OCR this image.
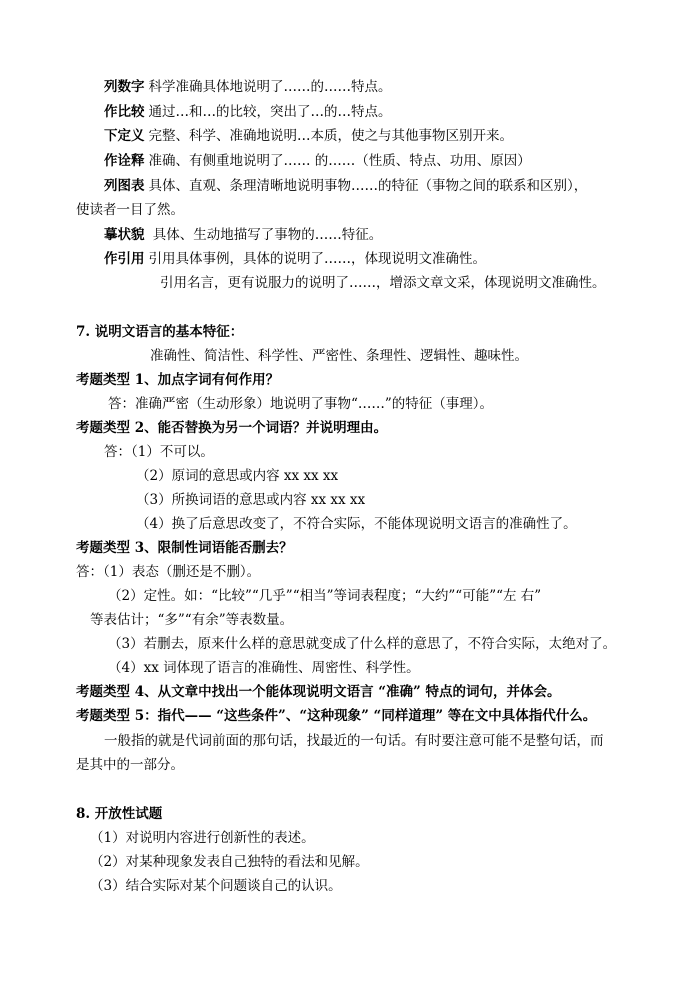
列数字 科学准确具体地说明了……的……特点。
作比较 通过…和…的比较，突出了…的…特点。
下定义 完整、科学、准确地说明…本质，使之与其他事物区别开来。
作诠释 准确、有侧重地说明了…… 的……（性质、特点、功用、原因）
列图表 具体、直观、条理清晰地说明事物……的特征（事物之间的联系和区别），
使读者一目了然。
摹状貌 具体、生动地描写了事物的……特征。
作引用 引用具体事例，具体的说明了……，体现说明文准确性。
引用名言，更有说服力的说明了……，增添文章文采，体现说明文准确性。
7. 说明文语言的基本特征：
准确性、简洁性、科学性、严密性、条理性、逻辑性、趣味性。
考题类型 1、加点字词有何作用？
答：准确严密（生动形象）地说明了事物“……”的特征（事理）。
考题类型 2、能否替换为另一个词语？并说明理由。
答：（1）不可以。
（2）原词的意思或内容 xx xx xx
（3）所换词语的意思或内容 xx xx xx
（4）换了后意思改变了，不符合实际，不能体现说明文语言的准确性了。
考题类型 3、限制性词语能否删去？
答：（1）表态（删还是不删）。
（2）定性。如：“比较”“几乎”“相当”等词表程度；“大约”“可能”“左 右”
等表估计；“多”“有余”等表数量。
（3）若删去，原来什么样的意思就变成了什么样的意思了，不符合实际，太绝对了。
（4）xx 词体现了语言的准确性、周密性、科学性。
考题类型 4、从文章中找出一个能体现说明文语言 “准确” 特点的词句，并体会。
考题类型 5：指代—— “这些条件”、“这种现象” “同样道理” 等在文中具体指代什么。
一般指的就是代词前面的那句话，找最近的一句话。有时要注意可能不是整句话，而
是其中的一部分。
8. 开放性试题
（1）对说明内容进行创新性的表述。
（2）对某种现象发表自己独特的看法和见解。
（3）结合实际对某个问题谈自己的认识。
